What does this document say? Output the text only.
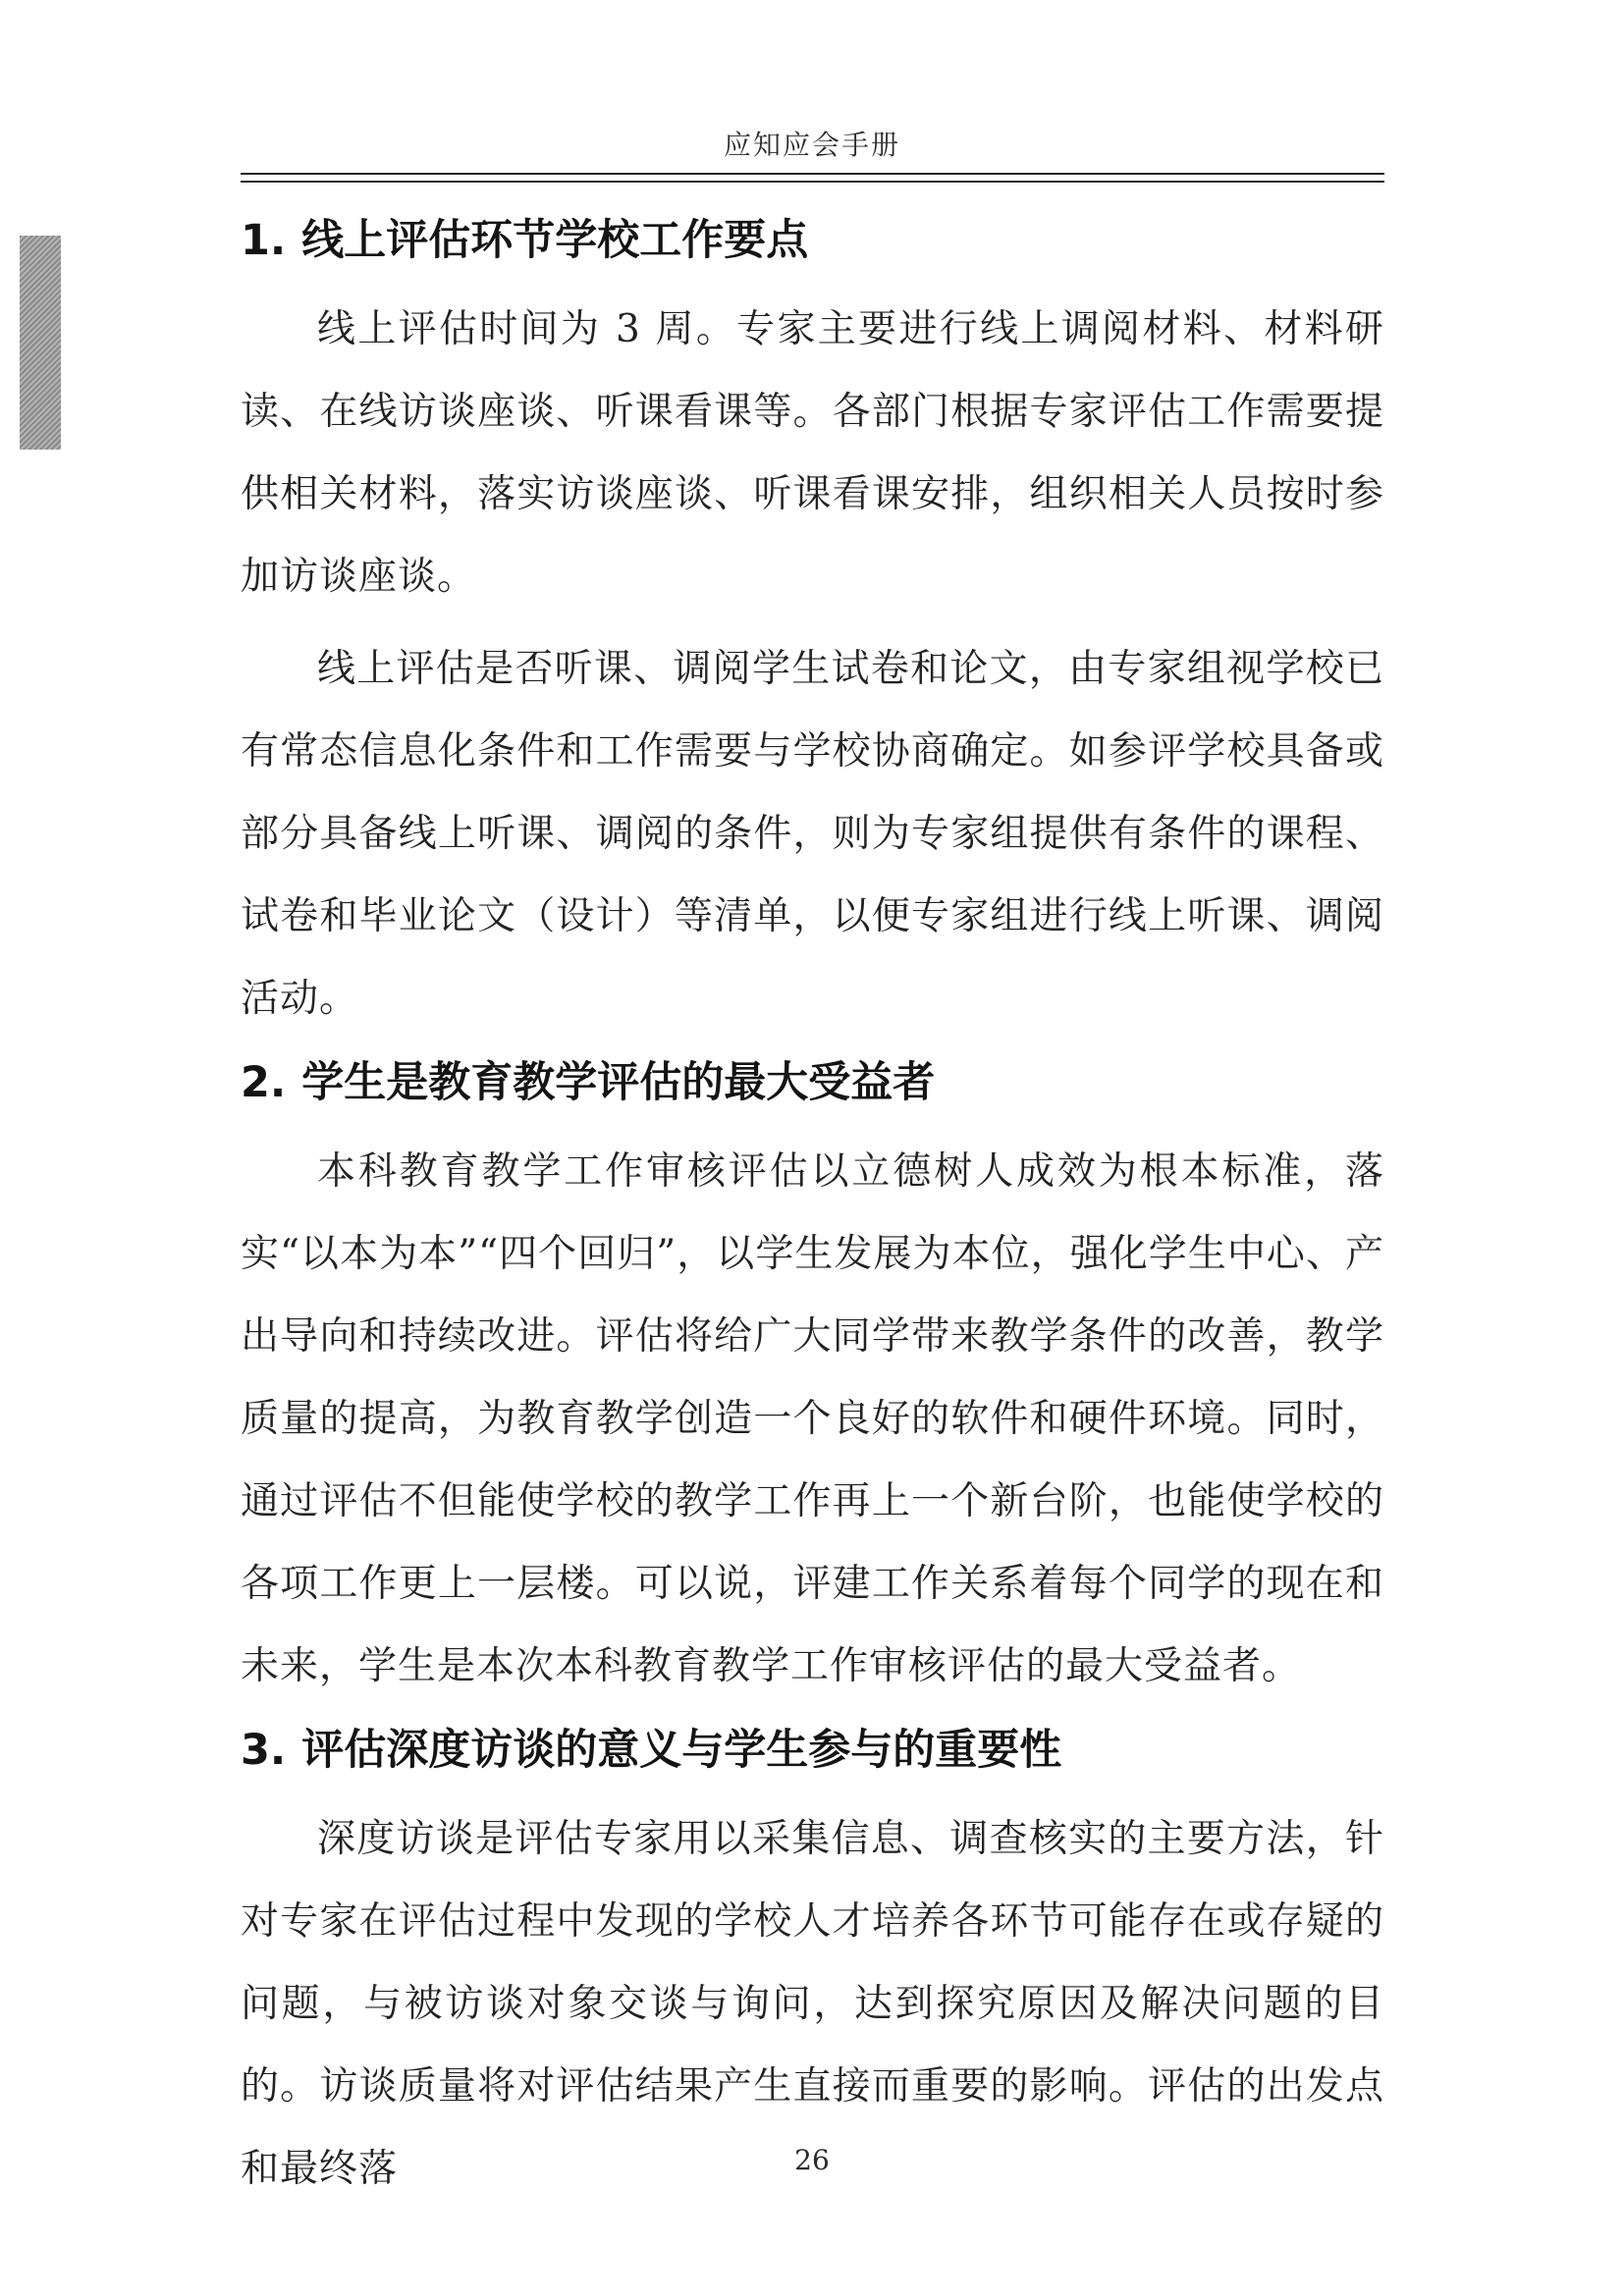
应知应会手册
1. 线上评估环节学校工作要点

线上评估时间为 3 周。专家主要进行线上调阅材料、材料研读、在线访谈座谈、听课看课等。各部门根据专家评估工作需要提供相关材料，落实访谈座谈、听课看课安排，组织相关人员按时参加访谈座谈。

线上评估是否听课、调阅学生试卷和论文，由专家组视学校已有常态信息化条件和工作需要与学校协商确定。如参评学校具备或部分具备线上听课、调阅的条件，则为专家组提供有条件的课程、试卷和毕业论文（设计）等清单，以便专家组进行线上听课、调阅活动。

2. 学生是教育教学评估的最大受益者

本科教育教学工作审核评估以立德树人成效为根本标准，落实“以本为本”“四个回归”，以学生发展为本位，强化学生中心、产出导向和持续改进。评估将给广大同学带来教学条件的改善，教学质量的提高，为教育教学创造一个良好的软件和硬件环境。同时，通过评估不但能使学校的教学工作再上一个新台阶，也能使学校的各项工作更上一层楼。可以说，评建工作关系着每个同学的现在和未来，学生是本次本科教育教学工作审核评估的最大受益者。

3. 评估深度访谈的意义与学生参与的重要性

深度访谈是评估专家用以采集信息、调查核实的主要方法，针对专家在评估过程中发现的学校人才培养各环节可能存在或存疑的问题，与被访谈对象交谈与询问，达到探究原因及解决问题的目的。访谈质量将对评估结果产生直接而重要的影响。评估的出发点和最终落	26
